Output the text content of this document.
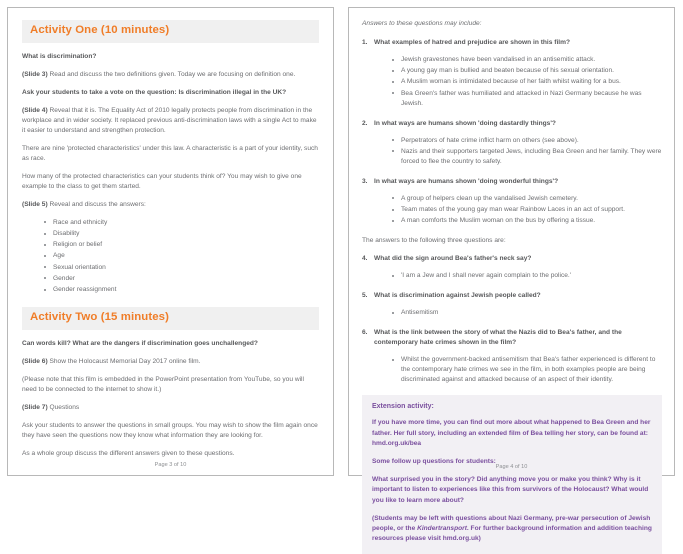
Activity One (10 minutes)

What is discrimination?

(Slide 3) Read and discuss the two definitions given. Today we are focusing on definition one.

Ask your students to take a vote on the question: Is discrimination illegal in the UK?

(Slide 4) Reveal that it is. The Equality Act of 2010 legally protects people from discrimination in the workplace and in wider society. It replaced previous anti-discrimination laws with a single Act to make it easier to understand and strengthen protection.

There are nine 'protected characteristics' under this law. A characteristic is a part of your identity, such as race.

How many of the protected characteristics can your students think of? You may wish to give one example to the class to get them started.

(Slide 5) Reveal and discuss the answers:

Race and ethnicity
Disability
Religion or belief
Age
Sexual orientation
Gender
Gender reassignment
Activity Two (15 minutes)

Can words kill? What are the dangers if discrimination goes unchallenged?

(Slide 6) Show the Holocaust Memorial Day 2017 online film.

(Please note that this film is embedded in the PowerPoint presentation from YouTube, so you will need to be connected to the internet to show it.)

(Slide 7) Questions

Ask your students to answer the questions in small groups. You may wish to show the film again once they have seen the questions now they know what information they are looking for.

As a whole group discuss the different answers given to these questions.

Page 3 of 10

Answers to these questions may include:

1. What examples of hatred and prejudice are shown in this film?
Jewish gravestones have been vandalised in an antisemitic attack.
A young gay man is bullied and beaten because of his sexual orientation.
A Muslim woman is intimidated because of her faith whilst waiting for a bus.
Bea Green's father was humiliated and attacked in Nazi Germany because he was Jewish.
2. In what ways are humans shown 'doing dastardly things'?
Perpetrators of hate crime inflict harm on others (see above).
Nazis and their supporters targeted Jews, including Bea Green and her family. They were forced to flee the country to safety.
3. In what ways are humans shown 'doing wonderful things'?
A group of helpers clean up the vandalised Jewish cemetery.
Team mates of the young gay man wear Rainbow Laces in an act of support.
A man comforts the Muslim woman on the bus by offering a tissue.

The answers to the following three questions are:

4. What did the sign around Bea's father's neck say?
'I am a Jew and I shall never again complain to the police.'
5. What is discrimination against Jewish people called?
Antisemitism
6. What is the link between the story of what the Nazis did to Bea's father, and the contemporary hate crimes shown in the film?
Whilst the government-backed antisemitism that Bea's father experienced is different to the contemporary hate crimes we see in the film, in both examples people are being discriminated against and attacked because of an aspect of their identity.
Extension activity:

If you have more time, you can find out more about what happened to Bea Green and her father. Her full story, including an extended film of Bea telling her story, can be found at:
hmd.org.uk/bea

Some follow up questions for students:

What surprised you in the story? Did anything move you or make you think? Why is it important to listen to experiences like this from survivors of the Holocaust? What would you like to learn more about?

(Students may be left with questions about Nazi Germany, pre-war persecution of Jewish people, or the Kindertransport. For further background information and addition teaching resources please visit hmd.org.uk)

Page 4 of 10
